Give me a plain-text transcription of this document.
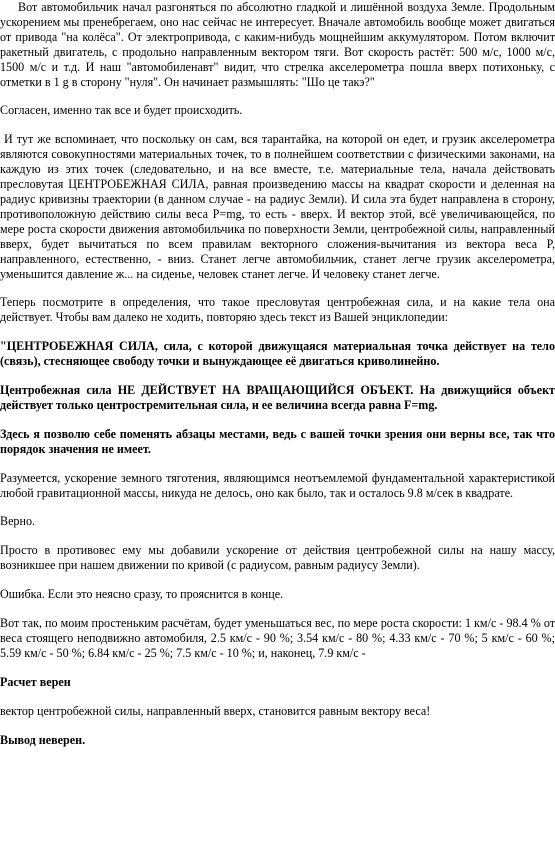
Вот автомобильчик начал разгоняться по абсолютно гладкой и лишённой воздуха Земле. Продольным ускорением мы пренебрегаем, оно нас сейчас не интересует. Вначале автомобиль вообще может двигаться от привода "на колёса". От электропривода, с каким-нибудь мощнейшим аккумулятором. Потом включит ракетный двигатель, с продольно направленным вектором тяги. Вот скорость растёт: 500 м/с, 1000 м/с, 1500 м/с и т.д. И наш "автомобиленавт" видит, что стрелка акселерометра пошла вверх потихоньку, с отметки в 1 g в сторону "нуля". Он начинает размышлять: "Шо це такэ?"

Согласен, именно так все и будет происходить.

И тут же вспоминает, что поскольку он сам, вся тарантайка, на которой он едет, и грузик акселерометра являются совокупностями материальных точек, то в полнейшем соответствии с физическими законами, на каждую из этих точек (следовательно, и на все вместе, т.е. материальные тела, начала действовать пресловутая ЦЕНТРОБЕЖНАЯ СИЛА, равная произведению массы на квадрат скорости и деленная на радиус кривизны траектории (в данном случае - на радиус Земли). И сила эта будет направлена в сторону, противоположную действию силы веса P=mg, то есть - вверх. И вектор этой, всё увеличивающейся, по мере роста скорости движения автомобильчика по поверхности Земли, центробежной силы, направленный вверх, будет вычитаться по всем правилам векторного сложения-вычитания из вектора веса P, направленного, естественно, - вниз. Станет легче автомобильчик, станет легче грузик акселерометра, уменьшится давление ж... на сиденье, человек станет легче. И человеку станет легче.

Теперь посмотрите в определения, что такое пресловутая центробежная сила, и на какие тела она действует. Чтобы вам далеко не ходить, повторяю здесь текст из Вашей энциклопедии:

"ЦЕНТРОБЕЖНАЯ СИЛА, сила, с которой движущаяся материальная точка действует на тело (связь), стесняющее свободу точки и вынуждающее её двигаться криволинейно.

Центробежная сила НЕ ДЕЙСТВУЕТ НА ВРАЩАЮЩИЙСЯ ОБЪЕКТ. На движущийся объект действует только центростремительная сила, и ее величина всегда равна F=mg.

Здесь я позволю себе поменять абзацы местами, ведь с вашей точки зрения они верны все, так что порядок значения не имеет.

Разумеется, ускорение земного тяготения, являющимся неотъемлемой фундаментальной характеристикой любой гравитационной массы, никуда не делось, оно как было, так и осталось 9.8 м/сек в квадрате.

Верно.

Просто в противовес ему мы добавили ускорение от действия центробежной силы на нашу массу, возникшее при нашем движении по кривой (с радиусом, равным радиусу Земли).

Ошибка. Если это неясно сразу, то прояснится в конце.

Вот так, по моим простеньким расчётам, будет уменьшаться вес, по мере роста скорости: 1 км/с - 98.4 % от веса стоящего неподвижно автомобиля, 2.5 км/с - 90 %; 3.54 км/с - 80 %; 4.33 км/с - 70 %; 5 км/с - 60 %; 5.59 км/с - 50 %; 6.84 км/с - 25 %; 7.5 км/с - 10 %; и, наконец, 7.9 км/с -

Расчет верен

вектор центробежной силы, направленный вверх, становится равным вектору веса!

Вывод неверен.
